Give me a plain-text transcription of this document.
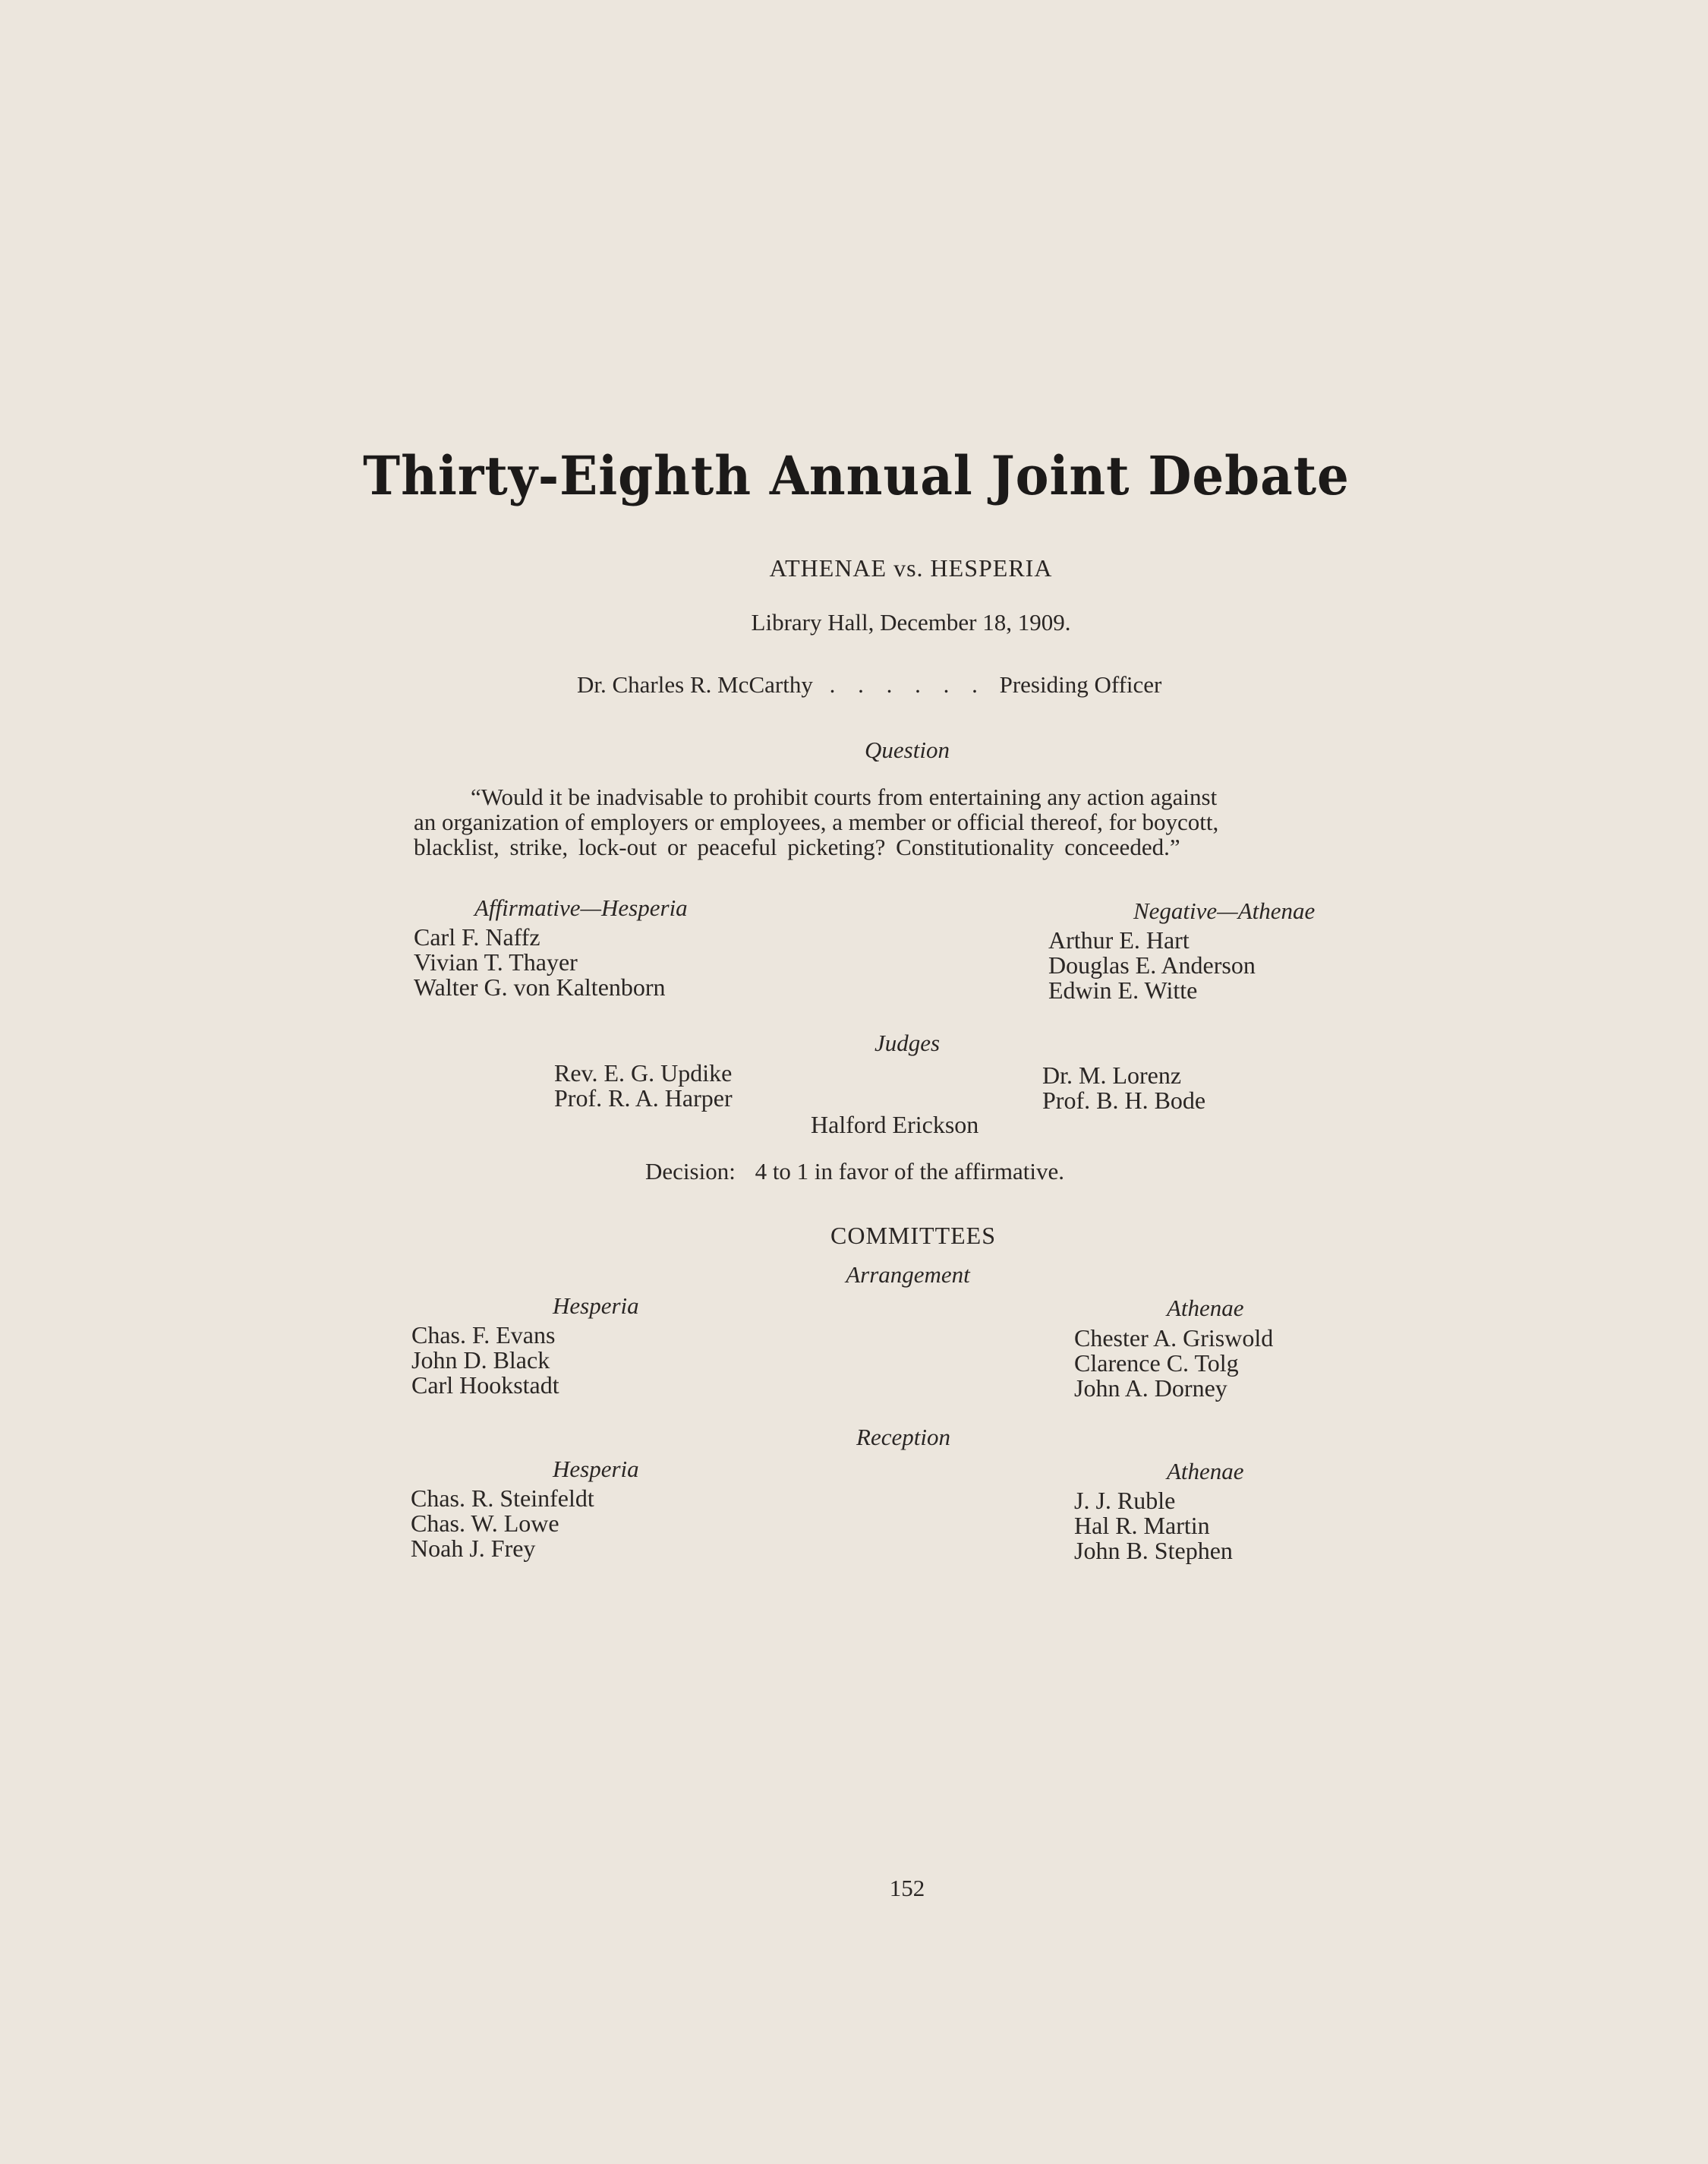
Thirty-Eighth Annual Joint Debate
ATHENAE vs. HESPERIA
Library Hall, December 18, 1909.
Dr. Charles R. McCarthy . . . . . . Presiding Officer
Question
“Would it be inadvisable to prohibit courts from entertaining any action against
an organization of employers or employees, a member or official thereof, for boycott,
blacklist, strike, lock-out or peaceful picketing? Constitutionality conceeded.”
Affirmative—Hesperia
Carl F. Naffz
Vivian T. Thayer
Walter G. von Kaltenborn
Negative—Athenae
Arthur E. Hart
Douglas E. Anderson
Edwin E. Witte
Judges
Rev. E. G. Updike
Prof. R. A. Harper
Dr. M. Lorenz
Prof. B. H. Bode
Halford Erickson
Decision: 4 to 1 in favor of the affirmative.
COMMITTEES
Arrangement
Hesperia
Chas. F. Evans
John D. Black
Carl Hookstadt
Athenae
Chester A. Griswold
Clarence C. Tolg
John A. Dorney
Reception
Hesperia
Chas. R. Steinfeldt
Chas. W. Lowe
Noah J. Frey
Athenae
J. J. Ruble
Hal R. Martin
John B. Stephen
152
